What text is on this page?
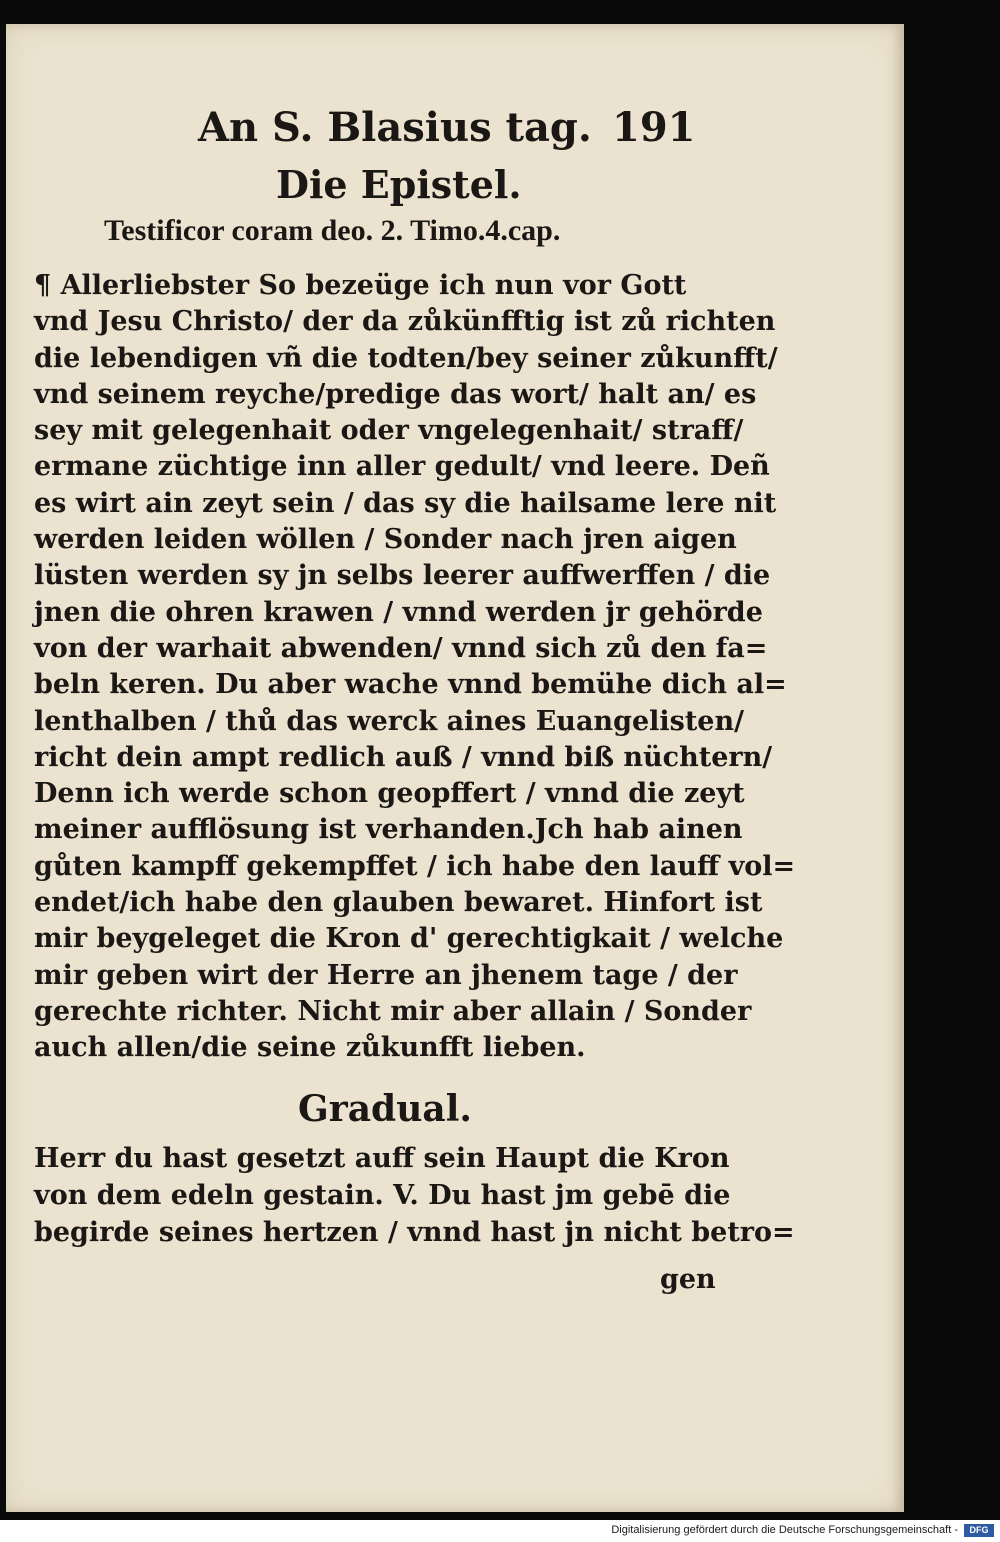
An S. Blasius tag. 191

Die Epistel.

Testificor coram deo. 2. Timo.4.cap.

¶ Allerliebster So bezeüge ich nun vor Gott

vnd Jesu Christo/ der da zůkünfftig ist zů richten

die lebendigen vñ die todten/bey seiner zůkunfft/

vnd seinem reyche/predige das wort/ halt an/ es

sey mit gelegenhait oder vngelegenhait/ straff/

ermane züchtige inn aller gedult/ vnd leere. Deñ

es wirt ain zeyt sein / das sy die hailsame lere nit

werden leiden wöllen / Sonder nach jren aigen

lüsten werden sy jn selbs leerer auffwerffen / die

jnen die ohren krawen / vnnd werden jr gehörde

von der warhait abwenden/ vnnd sich zů den fa=

beln keren. Du aber wache vnnd bemühe dich al=

lenthalben / thů das werck aines Euangelisten/

richt dein ampt redlich auß / vnnd biß nüchtern/

Denn ich werde schon geopffert / vnnd die zeyt

meiner aufflösung ist verhanden.Jch hab ainen

gůten kampff gekempffet / ich habe den lauff vol=

endet/ich habe den glauben bewaret. Hinfort ist

mir beygeleget die Kron d' gerechtigkait / welche

mir geben wirt der Herre an jhenem tage / der

gerechte richter. Nicht mir aber allain / Sonder

auch allen/die seine zůkunfft lieben.

Gradual.

Herr du hast gesetzt auff sein Haupt die Kron

von dem edeln gestain. V. Du hast jm gebē die

begirde seines hertzen / vnnd hast jn nicht betro=

gen

Digitalisierung gefördert durch die Deutsche Forschungsgemeinschaft -	DFG
